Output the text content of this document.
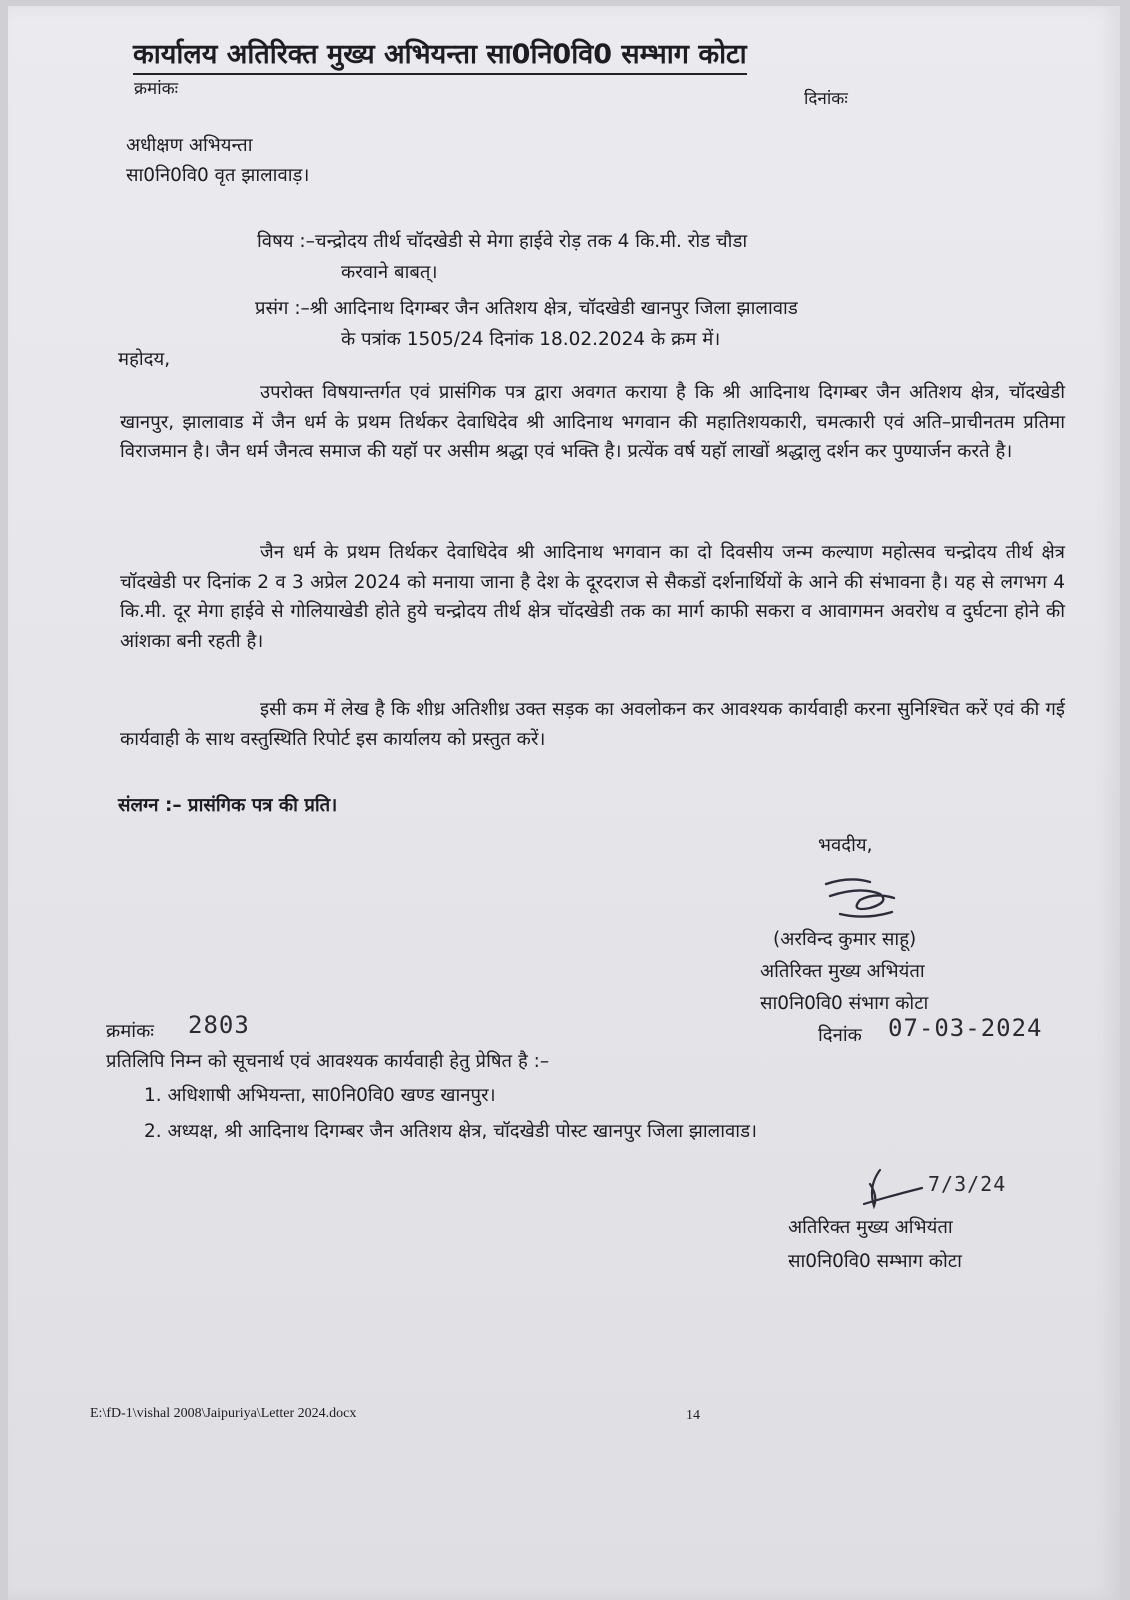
कार्यालय अतिरिक्त मुख्य अभियन्ता सा0नि0वि0 सम्भाग कोटा
क्रमांकः	दिनांकः
अधीक्षण अभियन्ता
सा0नि0वि0 वृत झालावाड़।
विषय :–चन्द्रोदय तीर्थ चॉदखेडी से मेगा हाईवे रोड़ तक 4 कि.मी. रोड चौडा
करवाने बाबत्।
प्रसंग :–श्री आदिनाथ दिगम्बर जैन अतिशय क्षेत्र, चॉदखेडी खानपुर जिला झालावाड
के पत्रांक 1505/24 दिनांक 18.02.2024 के क्रम में।
महोदय,
उपरोक्त विषयान्तर्गत एवं प्रासंगिक पत्र द्वारा अवगत कराया है कि श्री आदिनाथ दिगम्बर जैन अतिशय क्षेत्र, चॉदखेडी खानपुर, झालावाड में जैन धर्म के प्रथम तिर्थकर देवाधिदेव श्री आदिनाथ भगवान की महातिशयकारी, चमत्कारी एवं अति–प्राचीनतम प्रतिमा विराजमान है। जैन धर्म जैनत्व समाज की यहॉ पर असीम श्रद्धा एवं भक्ति है। प्रत्येंक वर्ष यहॉ लाखों श्रद्धालु दर्शन कर पुण्यार्जन करते है।
जैन धर्म के प्रथम तिर्थकर देवाधिदेव श्री आदिनाथ भगवान का दो दिवसीय जन्म कल्याण महोत्सव चन्द्रोदय तीर्थ क्षेत्र चॉदखेडी पर दिनांक 2 व 3 अप्रेल 2024 को मनाया जाना है देश के दूरदराज से सैकडों दर्शनार्थियों के आने की संभावना है। यह से लगभग 4 कि.मी. दूर मेगा हाईवे से गोलियाखेडी होते हुये चन्द्रोदय तीर्थ क्षेत्र चॉदखेडी तक का मार्ग काफी सकरा व आवागमन अवरोध व दुर्घटना होने की आंशका बनी रहती है।
इसी कम में लेख है कि शीध्र अतिशीध्र उक्त सड़क का अवलोकन कर आवश्यक कार्यवाही करना सुनिश्चित करें एवं की गई कार्यवाही के साथ वस्तुस्थिति रिपोर्ट इस कार्यालय को प्रस्तुत करें।
संलग्न :– प्रासंगिक पत्र की प्रति।
भवदीय,
(अरविन्द कुमार साहू)
अतिरिक्त मुख्य अभियंता
सा0नि0वि0 संभाग कोटा
क्रमांकः 2803	दिनांक 07-03-2024
प्रतिलिपि निम्न को सूचनार्थ एवं आवश्यक कार्यवाही हेतु प्रेषित है :–
1. अधिशाषी अभियन्ता, सा0नि0वि0 खण्ड खानपुर।
2. अध्यक्ष, श्री आदिनाथ दिगम्बर जैन अतिशय क्षेत्र, चॉदखेडी पोस्ट खानपुर जिला झालावाड।
7/3/24
अतिरिक्त मुख्य अभियंता
सा0नि0वि0 सम्भाग कोटा
E:\fD-1\vishal 2008\Jaipuriya\Letter 2024.docx	14
